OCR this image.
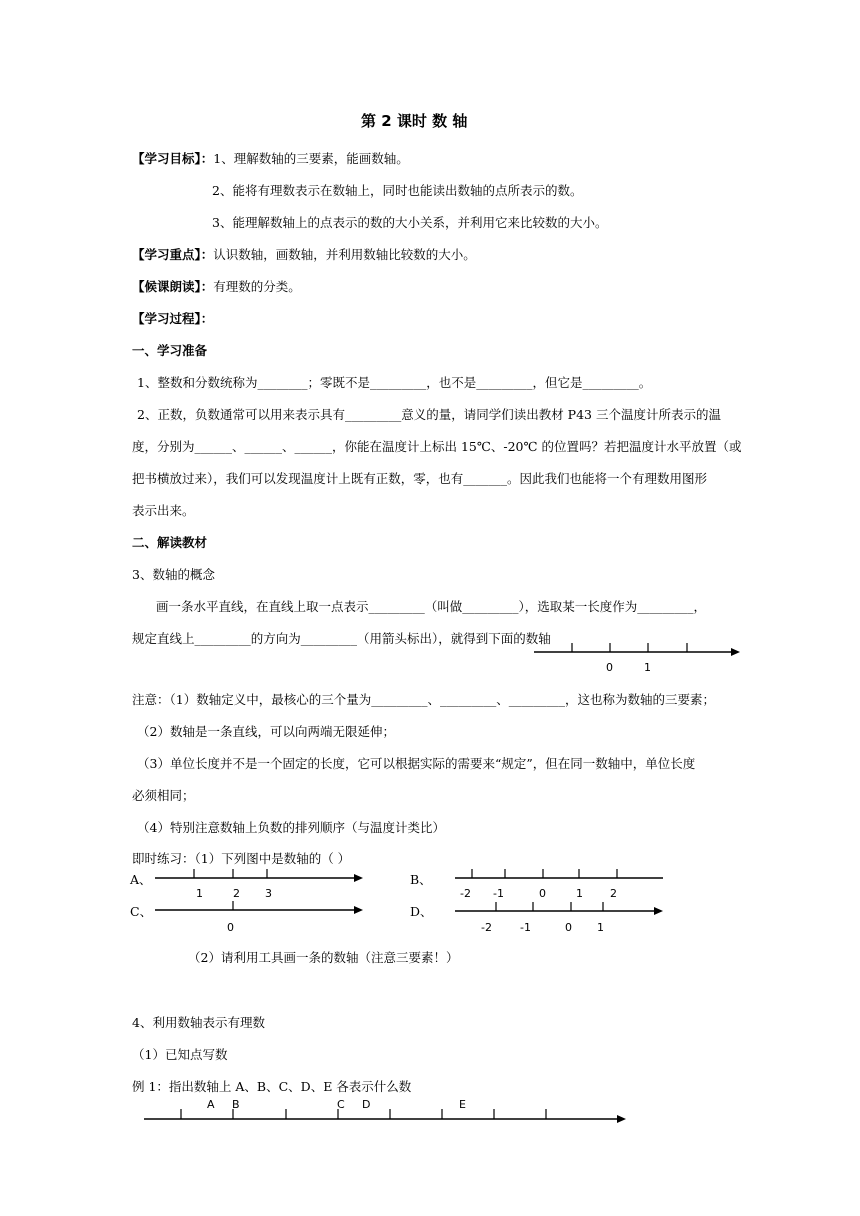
第 2 课时 数 轴
【学习目标】：1、理解数轴的三要素，能画数轴。
2、能将有理数表示在数轴上，同时也能读出数轴的点所表示的数。
3、能理解数轴上的点表示的数的大小关系，并利用它来比较数的大小。
【学习重点】：认识数轴，画数轴，并利用数轴比较数的大小。
【候课朗读】：有理数的分类。
【学习过程】：
一、学习准备
1、整数和分数统称为________；零既不是_________，也不是_________，但它是_________。
2、正数，负数通常可以用来表示具有_________意义的量，请同学们读出教材 P43 三个温度计所表示的温
度，分别为______、______、______，你能在温度计上标出 15℃、-20℃ 的位置吗？若把温度计水平放置（或
把书横放过来），我们可以发现温度计上既有正数，零，也有_______。因此我们也能将一个有理数用图形
表示出来。
二、解读教材
3、数轴的概念
画一条水平直线，在直线上取一点表示_________（叫做_________），选取某一长度作为_________，
规定直线上_________的方向为_________（用箭头标出），就得到下面的数轴
0	1
注意：（1）数轴定义中，最核心的三个量为_________、_________、_________，这也称为数轴的三要素；
（2）数轴是一条直线，可以向两端无限延伸；
（3）单位长度并不是一个固定的长度，它可以根据实际的需要来“规定”，但在同一数轴中，单位长度
必须相同；
（4）特别注意数轴上负数的排列顺序（与温度计类比）
即时练习：（1）下列图中是数轴的（ ）
A、
1	2 3
B、
-2 -1	0	1 2
C、
0
D、
-2	-1	0 1
（2）请利用工具画一条的数轴（注意三要素！）
4、利用数轴表示有理数
（1）已知点写数
例 1：指出数轴上 A、B、C、D、E 各表示什么数
A B	C D	E
